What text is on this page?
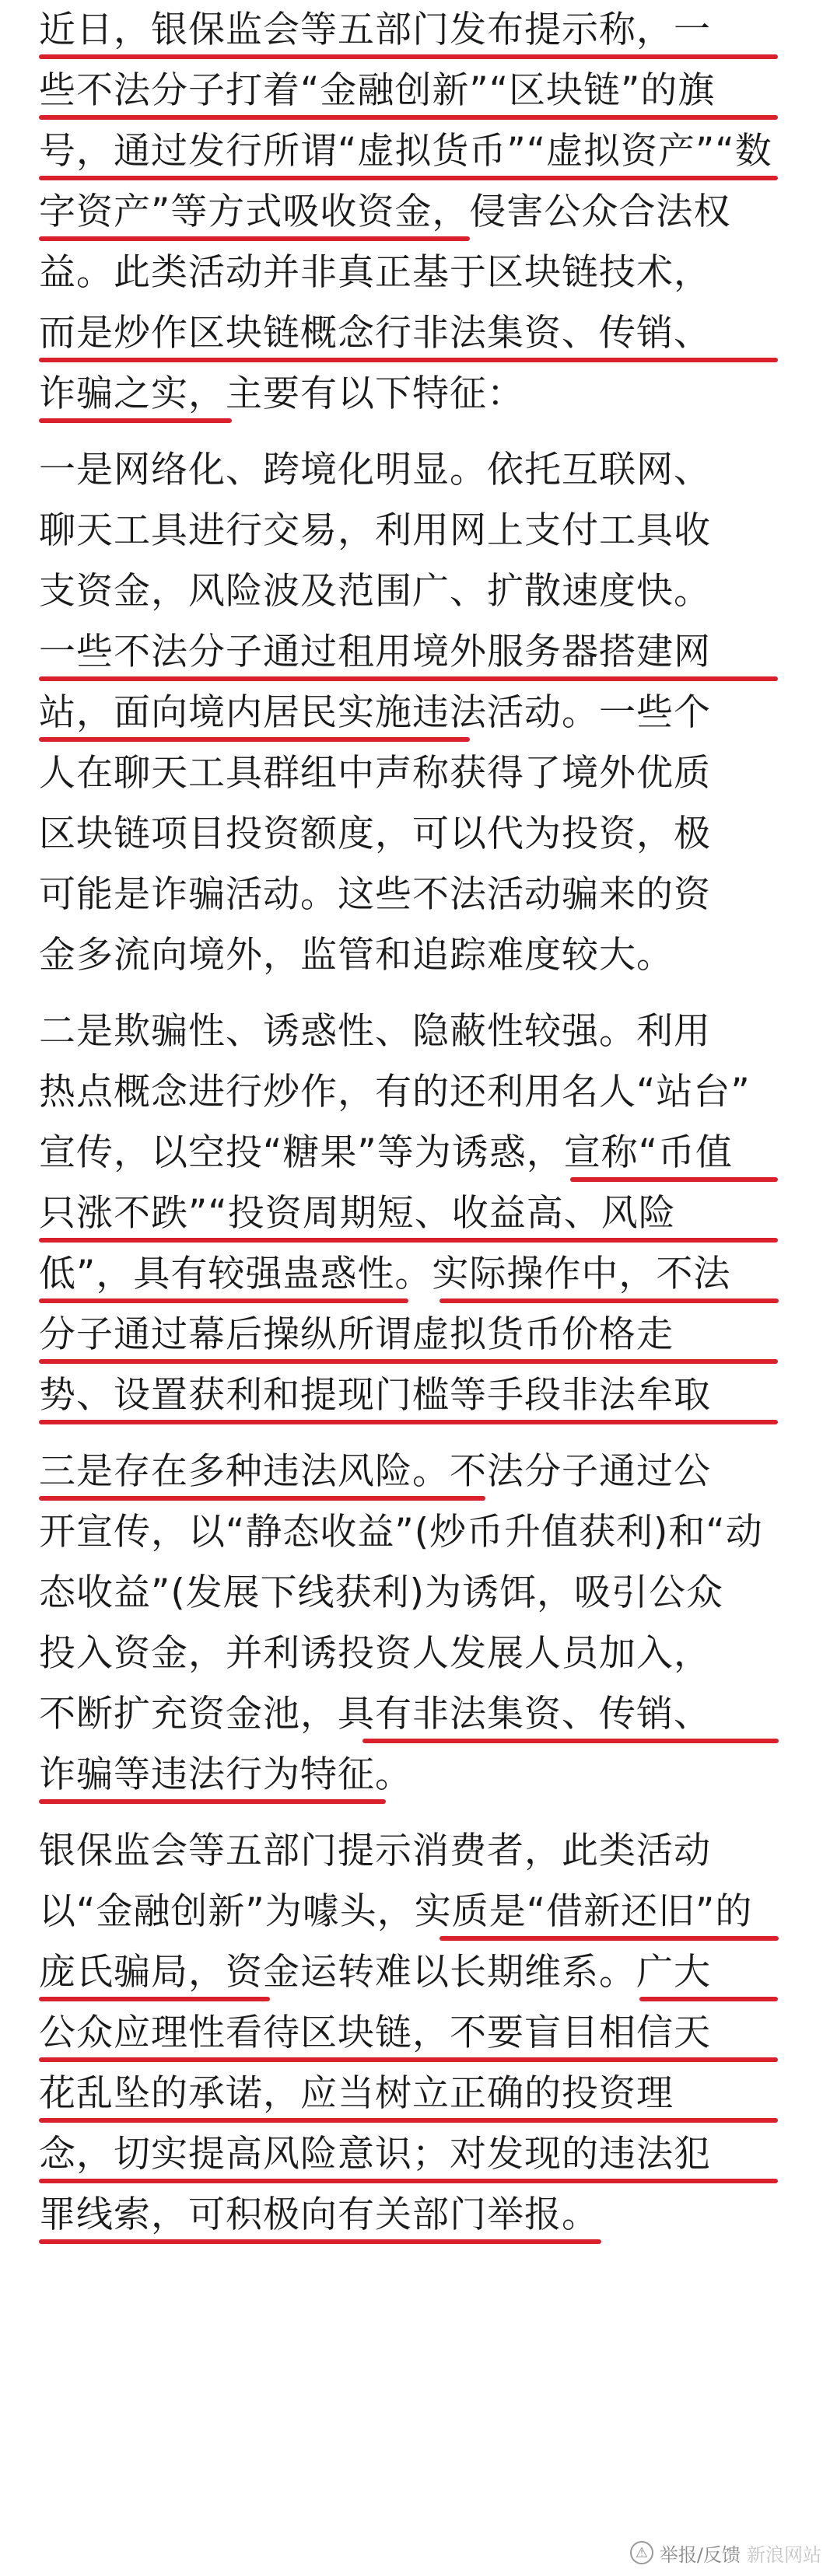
近日，银保监会等五部门发布提示称，一
些不法分子打着“金融创新”“区块链”的旗
号，通过发行所谓“虚拟货币”“虚拟资产”“数
字资产”等方式吸收资金，侵害公众合法权
益。此类活动并非真正基于区块链技术，
而是炒作区块链概念行非法集资、传销、
诈骗之实，主要有以下特征：
一是网络化、跨境化明显。依托互联网、
聊天工具进行交易，利用网上支付工具收
支资金，风险波及范围广、扩散速度快。
一些不法分子通过租用境外服务器搭建网
站，面向境内居民实施违法活动。一些个
人在聊天工具群组中声称获得了境外优质
区块链项目投资额度，可以代为投资，极
可能是诈骗活动。这些不法活动骗来的资
金多流向境外，监管和追踪难度较大。
二是欺骗性、诱惑性、隐蔽性较强。利用
热点概念进行炒作，有的还利用名人“站台”
宣传，以空投“糖果”等为诱惑，宣称“币值
只涨不跌”“投资周期短、收益高、风险
低”，具有较强蛊惑性。实际操作中，不法
分子通过幕后操纵所谓虚拟货币价格走
势、设置获利和提现门槛等手段非法牟取
三是存在多种违法风险。不法分子通过公
开宣传，以“静态收益”(炒币升值获利)和“动
态收益”(发展下线获利)为诱饵，吸引公众
投入资金，并利诱投资人发展人员加入，
不断扩充资金池，具有非法集资、传销、
诈骗等违法行为特征。
银保监会等五部门提示消费者，此类活动
以“金融创新”为噱头，实质是“借新还旧”的
庞氏骗局，资金运转难以长期维系。广大
公众应理性看待区块链，不要盲目相信天
花乱坠的承诺，应当树立正确的投资理
念，切实提高风险意识；对发现的违法犯
罪线索，可积极向有关部门举报。
⚠ 举报/反馈 新浪网站
